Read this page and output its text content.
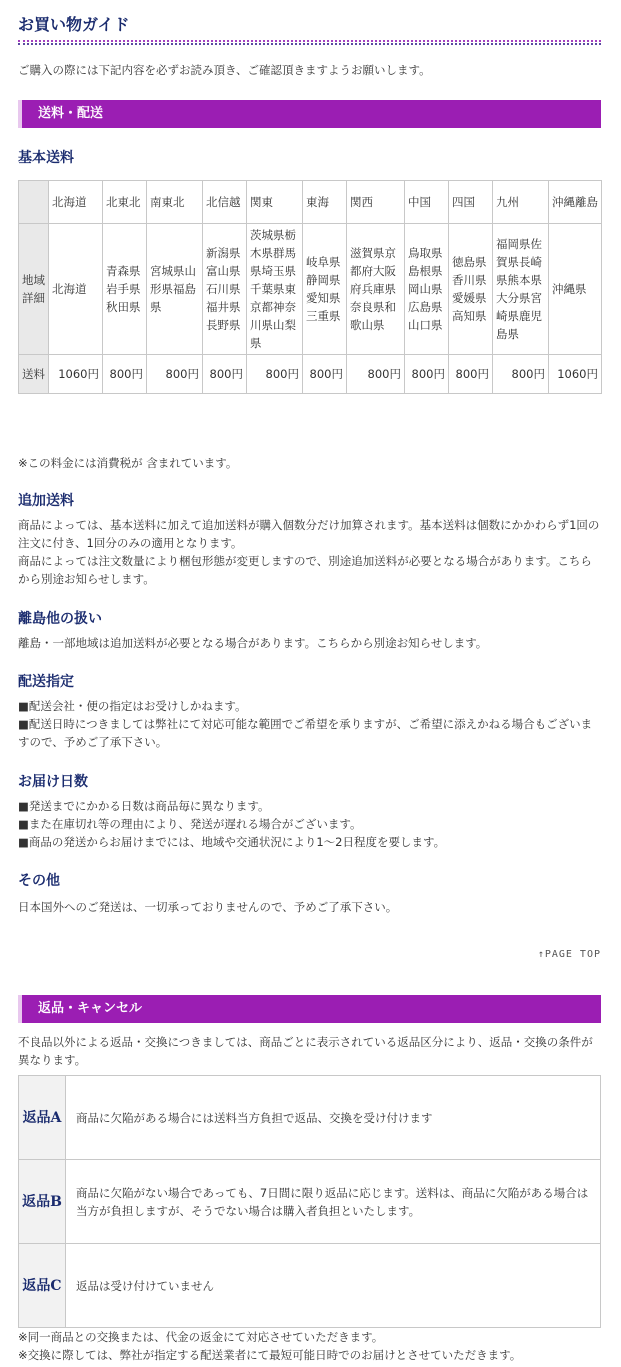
お買い物ガイド
ご購入の際には下記内容を必ずお読み頂き、ご確認頂きますようお願いします。
送料・配送
基本送料
	北海道	北東北	南東北	北信越	関東	東海	関西	中国	四国	九州	沖縄離島
地域詳細	北海道	青森県岩手県秋田県	宮城県山形県福島県	新潟県富山県石川県福井県長野県	茨城県栃木県群馬県埼玉県千葉県東京都神奈川県山梨県	岐阜県静岡県愛知県三重県	滋賀県京都府大阪府兵庫県奈良県和歌山県	鳥取県島根県岡山県広島県山口県	徳島県香川県愛媛県高知県	福岡県佐賀県長崎県熊本県大分県宮崎県鹿児島県	沖縄県
送料	1060円	800円	800円	800円	800円	800円	800円	800円	800円	800円	1060円
※この料金には消費税が 含まれています。
追加送料

商品によっては、基本送料に加えて追加送料が購入個数分だけ加算されます。基本送料は個数にかかわらず1回の注文に付き、1回分のみの適用となります。

商品によっては注文数量により梱包形態が変更しますので、別途追加送料が必要となる場合があります。こちらから別途お知らせします。

離島他の扱い
離島・一部地域は追加送料が必要となる場合があります。こちらから別途お知らせします。
配送指定

■配送会社・便の指定はお受けしかねます。

■配送日時につきましては弊社にて対応可能な範囲でご希望を承りますが、ご希望に添えかねる場合もございますので、予めご了承下さい。

お届け日数

■発送までにかかる日数は商品毎に異なります。

■また在庫切れ等の理由により、発送が遅れる場合がございます。

■商品の発送からお届けまでには、地域や交通状況により1〜2日程度を要します。

その他
日本国外へのご発送は、一切承っておりませんので、予めご了承下さい。
↑PAGE TOP
返品・キャンセル
不良品以外による返品・交換につきましては、商品ごとに表示されている返品区分により、返品・交換の条件が異なります。
返品A	商品に欠陥がある場合には送料当方負担で返品、交換を受け付けます
返品B	商品に欠陥がない場合であっても、7日間に限り返品に応じます。送料は、商品に欠陥がある場合は当方が負担しますが、そうでない場合は購入者負担といたします。
返品C	返品は受け付けていません
※同一商品との交換または、代金の返金にて対応させていただきます。
※交換に際しては、弊社が指定する配送業者にて最短可能日時でのお届けとさせていただきます。
